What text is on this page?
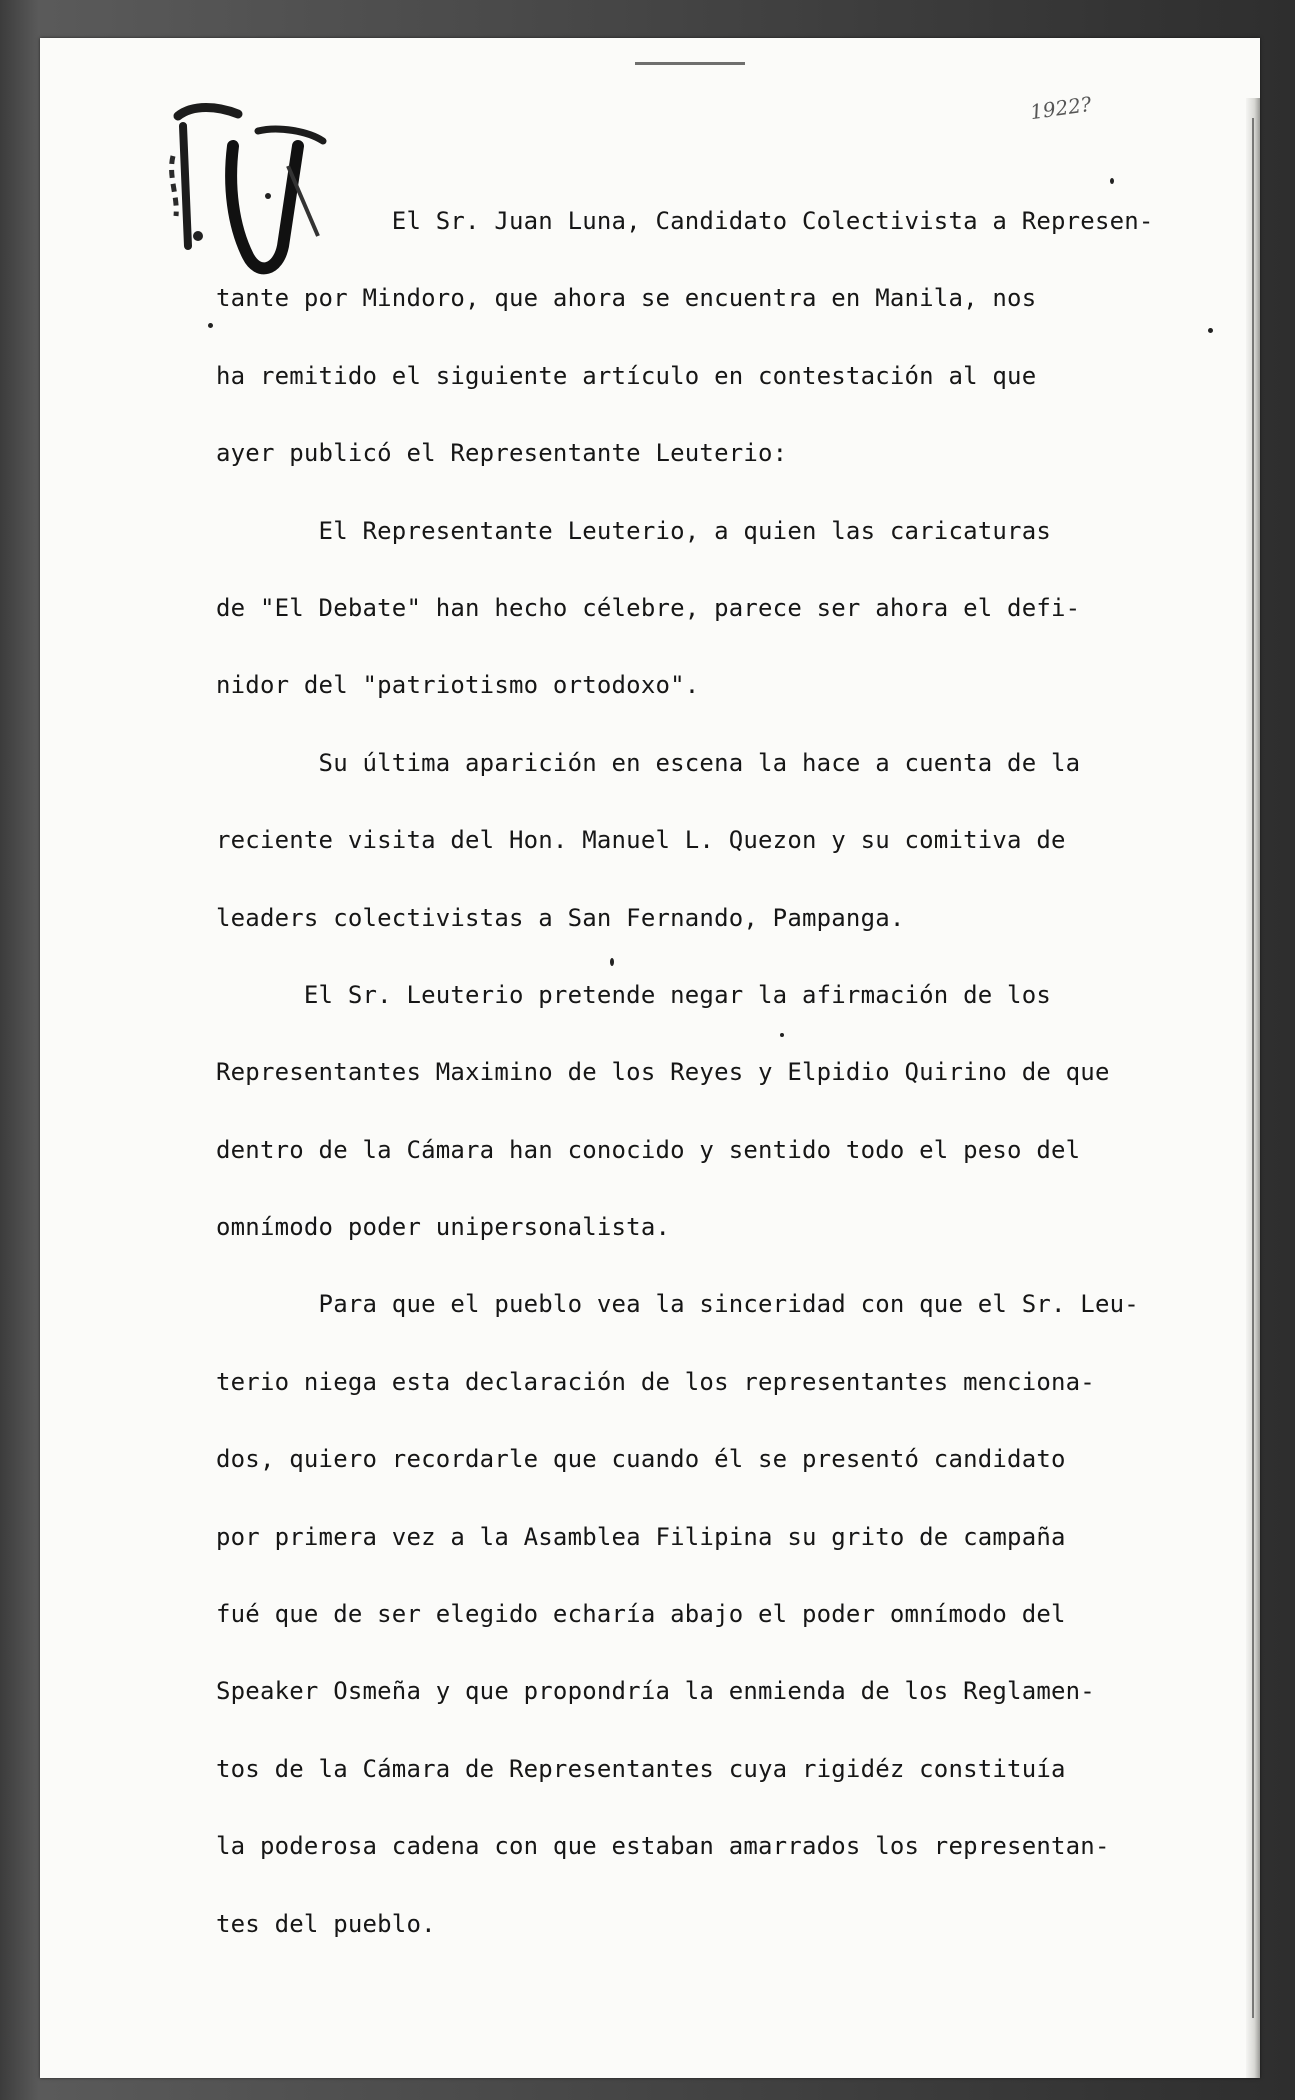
1922?
El Sr. Juan Luna, Candidato Colectivista a Represen-
tante por Mindoro, que ahora se encuentra en Manila, nos
ha remitido el siguiente artículo en contestación al que
ayer publicó el Representante Leuterio:
El Representante Leuterio, a quien las caricaturas
de "El Debate" han hecho célebre, parece ser ahora el defi-
nidor del "patriotismo ortodoxo".
Su última aparición en escena la hace a cuenta de la
reciente visita del Hon. Manuel L. Quezon y su comitiva de
leaders colectivistas a San Fernando, Pampanga.
El Sr. Leuterio pretende negar la afirmación de los
Representantes Maximino de los Reyes y Elpidio Quirino de que
dentro de la Cámara han conocido y sentido todo el peso del
omnímodo poder unipersonalista.
Para que el pueblo vea la sinceridad con que el Sr. Leu-
terio niega esta declaración de los representantes menciona-
dos, quiero recordarle que cuando él se presentó candidato
por primera vez a la Asamblea Filipina su grito de campaña
fué que de ser elegido echaría abajo el poder omnímodo del
Speaker Osmeña y que propondría la enmienda de los Reglamen-
tos de la Cámara de Representantes cuya rigidéz constituía
la poderosa cadena con que estaban amarrados los representan-
tes del pueblo.
